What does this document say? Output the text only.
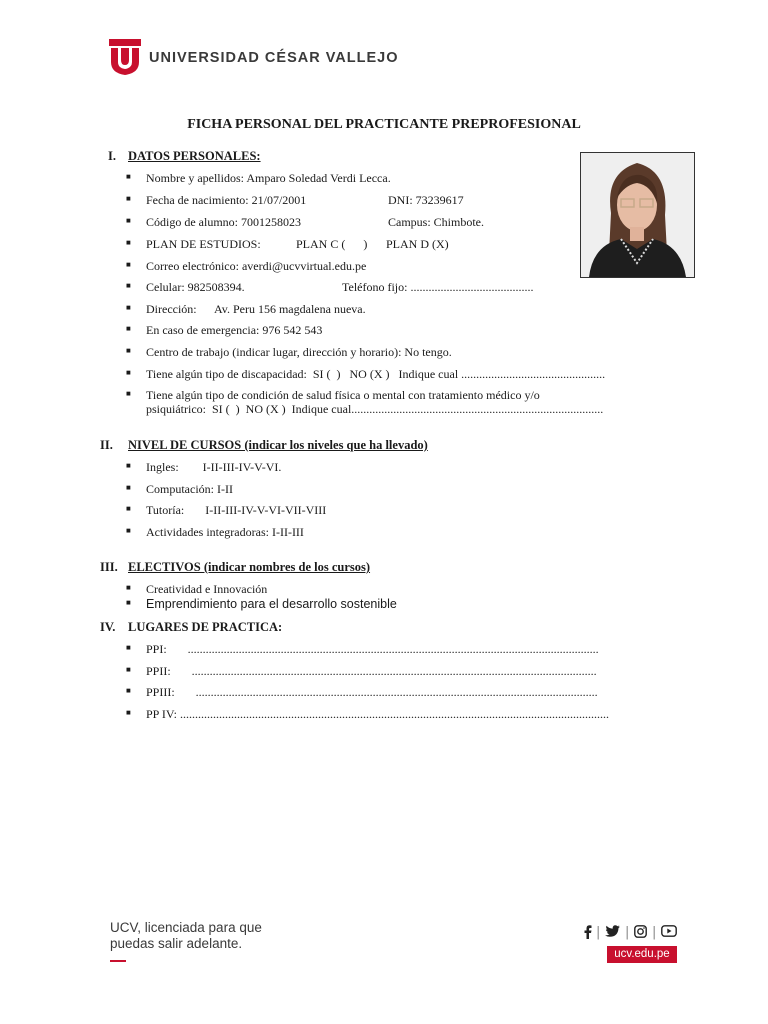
UNIVERSIDAD CÉSAR VALLEJO
FICHA PERSONAL DEL PRACTICANTE PREPROFESIONAL
I. DATOS PERSONALES:
■ Nombre y apellidos: Amparo Soledad Verdi Lecca.
■ Fecha de nacimiento: 21/07/2001	DNI: 73239617
■ Código de alumno: 7001258023	Campus: Chimbote.
■ PLAN DE ESTUDIOS:	PLAN C (      ) PLAN D (X)
■ Correo electrónico: averdi@ucvvirtual.edu.pe
■ Celular: 982508394.	Teléfono fijo: .........................................
■ Dirección:      Av. Peru 156 magdalena nueva.
■ En caso de emergencia: 976 542 543
■ Centro de trabajo (indicar lugar, dirección y horario): No tengo.
■ Tiene algún tipo de discapacidad:  SI (  )   NO (X )   Indique cual ................................................
■ Tiene algún tipo de condición de salud física o mental con tratamiento médico y/o
psiquiátrico:  SI (  )  NO (X )  Indique cual....................................................................................
II. NIVEL DE CURSOS (indicar los niveles que ha llevado)
■ Ingles:        I-II-III-IV-V-VI.
■ Computación: I-II
■ Tutoría:       I-II-III-IV-V-VI-VII-VIII
■ Actividades integradoras: I-II-III
III. ELECTIVOS (indicar nombres de los cursos)
■ Creatividad e Innovación
■ Emprendimiento para el desarrollo sostenible
IV. LUGARES DE PRACTICA:
■ PPI:       .........................................................................................................................................
■ PPII:       .......................................................................................................................................
■ PPIII:       ......................................................................................................................................
■ PP IV: ...............................................................................................................................................
UCV, licenciada para que
puedas salir adelante.
| | |
ucv.edu.pe
